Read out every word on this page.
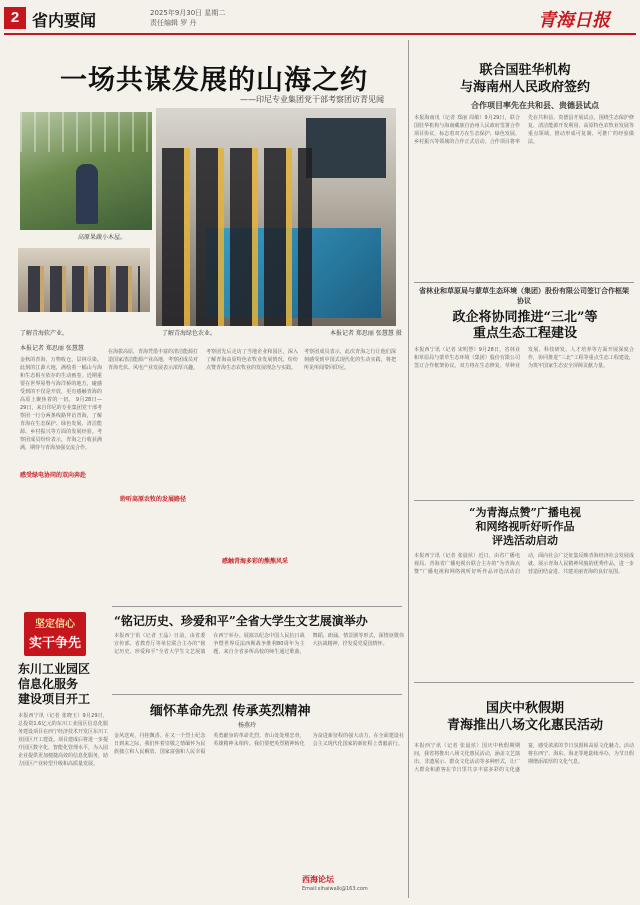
2 省内要闻	2025年9月30日 星期二
责任编辑 罗 丹	青海日报
一场共谋发展的山海之约
——印尼专业集团党干部考察团访青见闻
高原果蔬小木屋。
了解青海软产业。	了解青海绿色农业。	本报记者 郑思丽 张慧慧 摄
本报记者 郑思丽 张慧慧
金秋的青海，万物收仓，层林尽染。此刻的江源大地，满绘着一幅山与海和生态相互依存的生动画卷。近期重要在世界屋脊与海洋桥的地方，碰感受到的不仅是开放，更有感触青海的高原上聚焦着的一切。 9月28日—29日，来自印尼的专业集团党干部考察团一行分两条线路拜访青海，了解青海在生态保护、绿色发展、清洁能源、乡村振兴等方面的发展经验。考察团成员纷纷表示，青海之行收获满满，期待与青海加强交流合作。
感受绿电协同的双向奔赴
在海拔高原，青海凭借丰富的清洁能源打造国家清洁能源产业高地，考察团成员对青海光伏、风电产业发展表示浓厚兴趣。
聆听高原农牧的发展路径
考察团先后走访了当地企业和园区，深入了解青海高原特色农牧业发展情况，纷纷点赞青海生态农牧业的发展理念与实践。
感触青海多彩的熊熊风采
考察团成员表示，此次青海之行让他们深刻感受到中国式现代化的生动实践，将把所见所闻带回印尼。
坚定信心
实干争先
东川工业园区
信息化服务
建设项目开工
本报西宁讯（记者 张晓玉）9月29日，总投资1.6亿元的东川工业园区信息化服务建设项目在西宁经济技术开发区东川工业园区开工建设。项目建成后将进一步提升园区数字化、智能化管理水平，为入园企业提供更加便捷高效的信息化服务，助力园区产业转型升级和高质量发展。
“铭记历史、珍爱和平”全省大学生文艺展演举办
本报西宁讯（记者 王晶）日前，由省委宣传部、省教育厅等单位联合主办的“铭记历史、珍爱和平”全省大学生文艺展演在西宁举办。展演以纪念中国人民抗日战争暨世界反法西斯战争胜利80周年为主题，来自全省多所高校的师生通过歌曲、舞蹈、朗诵、情景剧等形式，深情讴歌伟大抗战精神，抒发爱党爱国情怀。
缅怀革命先烈 传承英烈精神
杨燕玲
金风送爽，丹桂飘香。在又一个烈士纪念日到来之际，我们怀着崇敬之情缅怀为民族独立和人民解放、国家富强和人民幸福英勇献身的革命先烈。青山处处埋忠骨，英雄精神永相传。我们要把英烈精神转化为奋进新征程的强大动力，在全面建设社会主义现代化国家的新征程上勇毅前行。
西海论坛
Email:xihaiwalk@163.com
联合国驻华机构
与海南州人民政府签约
合作项目率先在共和县、贵德县试点
本报海南讯（记者 郑丽 周敏）9月29日，联合国驻华机构与海南藏族自治州人民政府签署合作项目协议，标志着双方在生态保护、绿色发展、乡村振兴等领域的合作正式启动。合作项目将率先在共和县、贵德县开展试点，围绕生态保护修复、清洁能源开发利用、高原特色农牧业发展等重点领域，推动形成可复制、可推广的经验做法。
省林业和草原局与蒙草生态环境（集团）股份有限公司签订合作框架协议
政企将协同推进“三北”等
重点生态工程建设
本报西宁讯（记者 宋明慧）9月28日，省林业和草原局与蒙草生态环境（集团）股份有限公司签订合作框架协议。双方将在生态修复、草种业发展、科技研发、人才培养等方面开展深度合作，协同推进“三北”工程等重点生态工程建设，为筑牢国家生态安全屏障贡献力量。
“为青海点赞”广播电视
和网络视听好听作品
评选活动启动
本报西宁讯（记者 张晨炫）近日，由省广播电视局、青海省广播电视台联合主办的“为青海点赞”广播电视和网络视听好听作品评选活动启动，面向社会广泛征集反映青海经济社会发展成就、展示青海人民精神风貌的优秀作品，进一步营造团结奋进、共建美丽青海的良好氛围。
国庆中秋假期
青海推出八场文化惠民活动
本报西宁讯（记者 张晨炫）国庆中秋假期期间，我省将推出八场文化惠民活动，涵盖文艺演出、非遗展示、群众文化活动等多种形式，让广大群众和游客在节日里共享丰富多彩的文化盛宴，感受浓浓的节日氛围和高原文化魅力。活动将在西宁、海东、海北等地陆续举办，为节日假期增添浓厚的文化气息。
